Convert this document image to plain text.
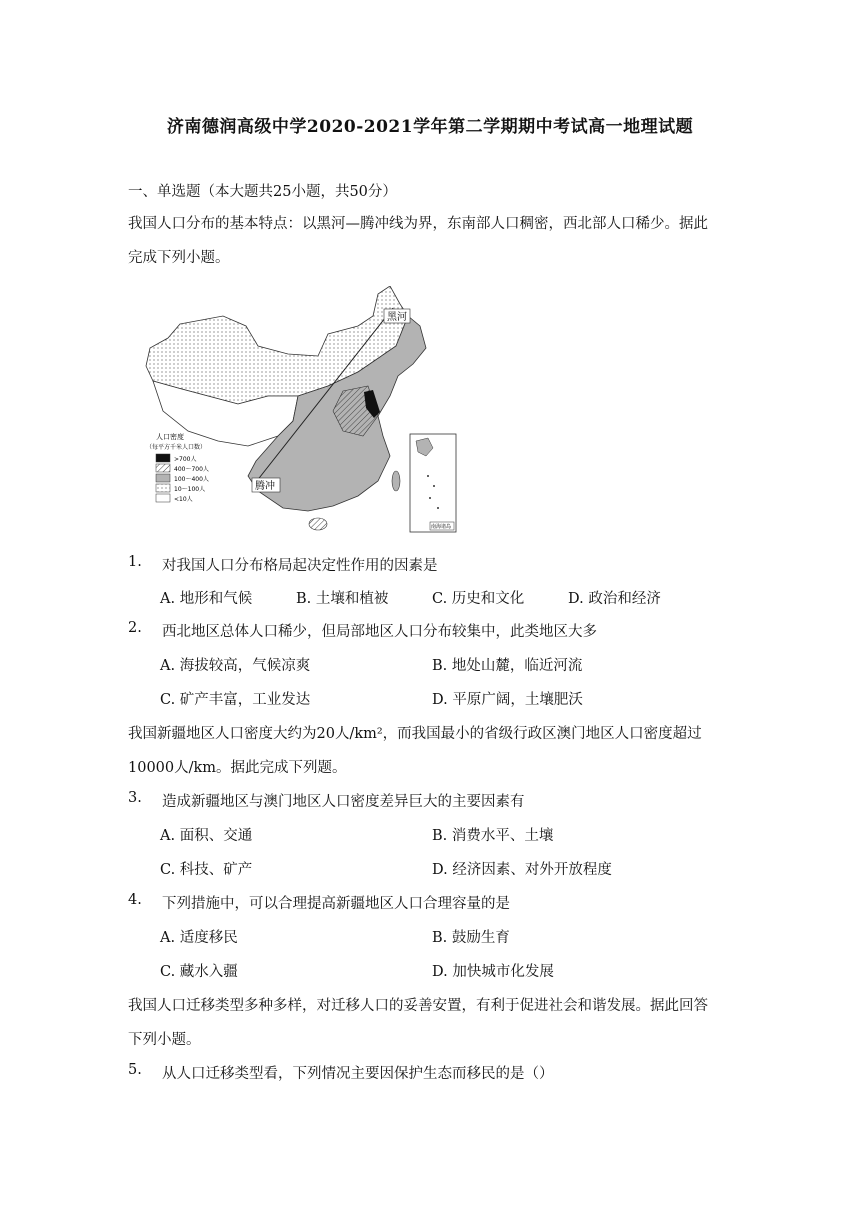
济南德润高级中学2020-2021学年第二学期期中考试高一地理试题
一、单选题（本大题共25小题，共50分）
我国人口分布的基本特点：以黑河—腾冲线为界，东南部人口稠密，西北部人口稀少。据此
完成下列小题。
黑河
腾冲
人口密度
（每平方千米人口数）
>700人
400～700人
100～400人
10～100人
<10人
南海诸岛
1. 对我国人口分布格局起决定性作用的因素是
A. 地形和气候	B. 土壤和植被	C. 历史和文化	D. 政治和经济
2. 西北地区总体人口稀少，但局部地区人口分布较集中，此类地区大多
A. 海拔较高，气候凉爽	B. 地处山麓，临近河流
C. 矿产丰富，工业发达	D. 平原广阔，土壤肥沃
我国新疆地区人口密度大约为20人/km²，而我国最小的省级行政区澳门地区人口密度超过
10000人/km。据此完成下列题。
3. 造成新疆地区与澳门地区人口密度差异巨大的主要因素有
A. 面积、交通	B. 消费水平、土壤
C. 科技、矿产	D. 经济因素、对外开放程度
4. 下列措施中，可以合理提高新疆地区人口合理容量的是
A. 适度移民	B. 鼓励生育
C. 藏水入疆	D. 加快城市化发展
我国人口迁移类型多种多样，对迁移人口的妥善安置，有利于促进社会和谐发展。据此回答
下列小题。
5. 从人口迁移类型看，下列情况主要因保护生态而移民的是（）
